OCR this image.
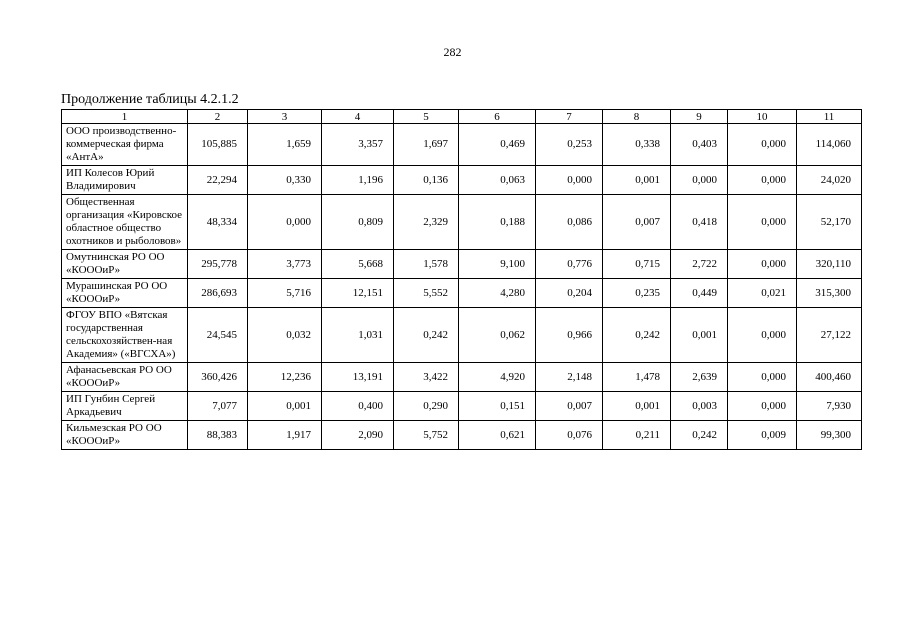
282
Продолжение таблицы 4.2.1.2
1	2	3	4	5	6	7	8	9	10	11
ООО производственно-коммерческая фирма «АнтА»	105,885	1,659	3,357	1,697	0,469	0,253	0,338	0,403	0,000	114,060
ИП Колесов Юрий Владимирович	22,294	0,330	1,196	0,136	0,063	0,000	0,001	0,000	0,000	24,020
Общественная организация «Кировское областное общество охотников и рыболовов»	48,334	0,000	0,809	2,329	0,188	0,086	0,007	0,418	0,000	52,170
Омутнинская РО ОО «КОООиР»	295,778	3,773	5,668	1,578	9,100	0,776	0,715	2,722	0,000	320,110
Мурашинская РО ОО «КОООиР»	286,693	5,716	12,151	5,552	4,280	0,204	0,235	0,449	0,021	315,300
ФГОУ ВПО «Вятская государственная сельскохозяйствен-ная Академия» («ВГСХА»)	24,545	0,032	1,031	0,242	0,062	0,966	0,242	0,001	0,000	27,122
Афанасьевская РО ОО «КОООиР»	360,426	12,236	13,191	3,422	4,920	2,148	1,478	2,639	0,000	400,460
ИП Гунбин Сергей Аркадьевич	7,077	0,001	0,400	0,290	0,151	0,007	0,001	0,003	0,000	7,930
Кильмезская РО ОО «КОООиР»	88,383	1,917	2,090	5,752	0,621	0,076	0,211	0,242	0,009	99,300
